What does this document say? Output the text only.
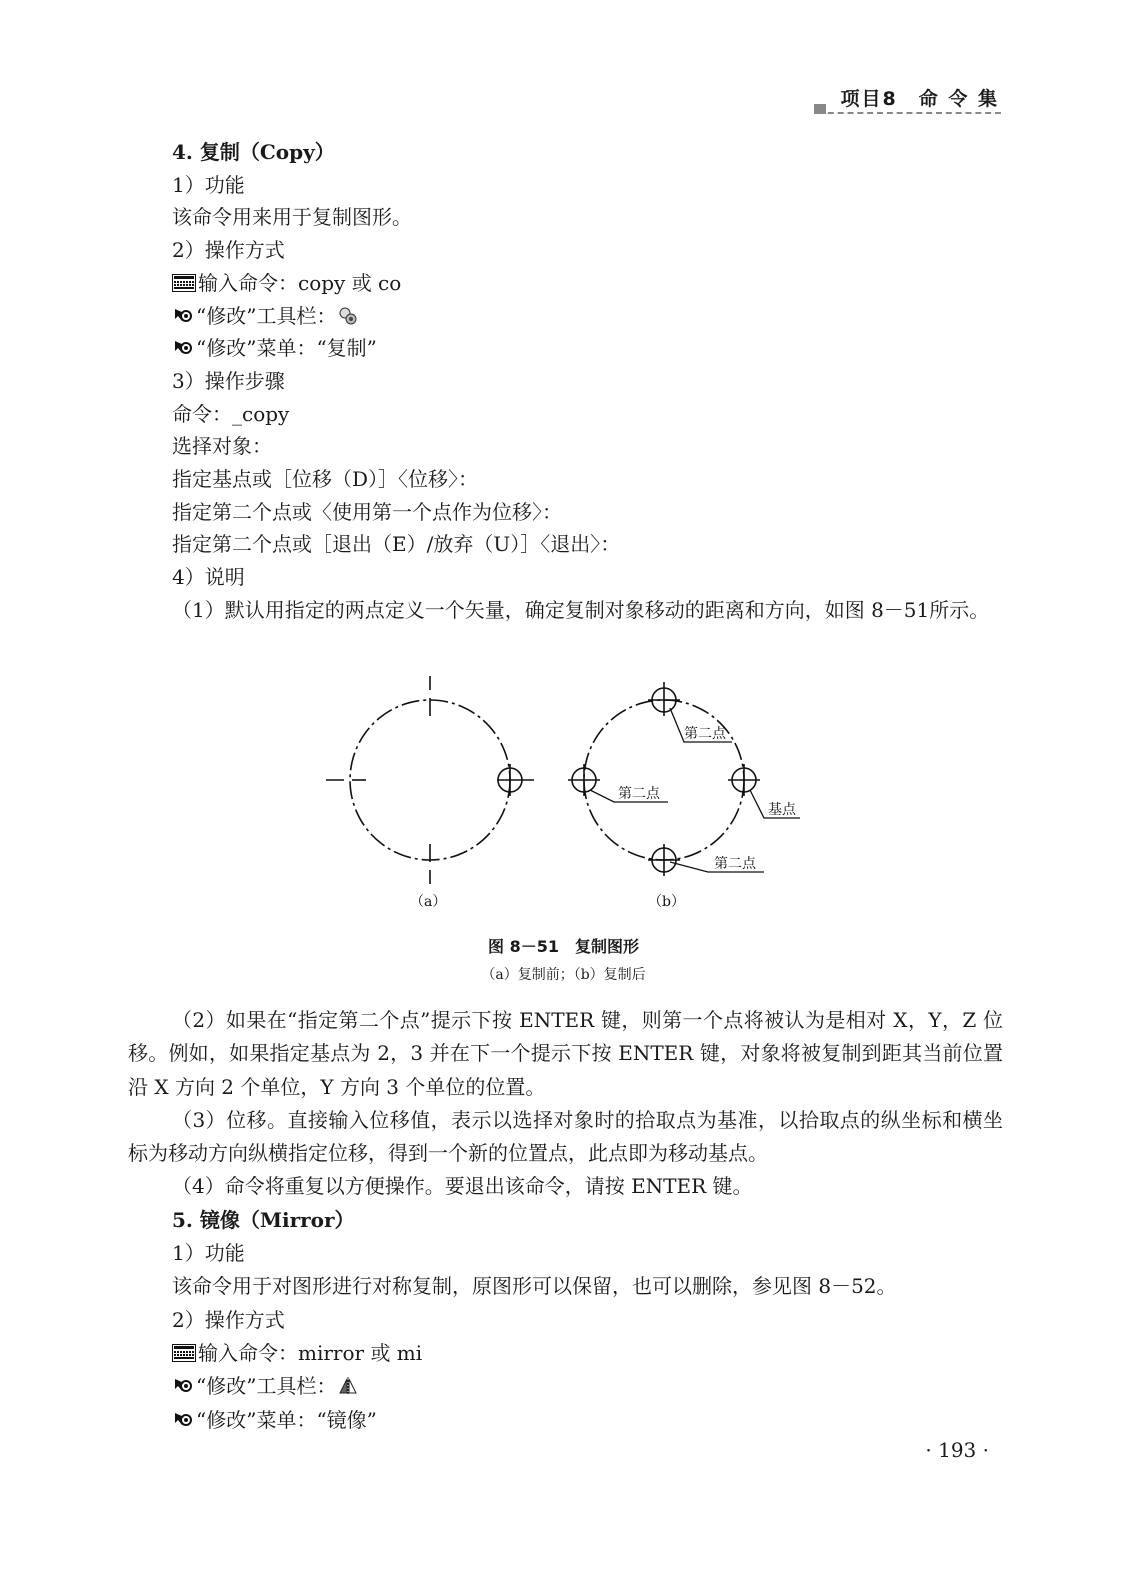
项目8　命 令 集
4. 复制（Copy）
1）功能
该命令用来用于复制图形。
2）操作方式
输入命令：copy 或 co
“修改”工具栏：
“修改”菜单：“复制”
3）操作步骤
命令：_copy
选择对象：
指定基点或［位移（D）］〈位移〉：
指定第二个点或〈使用第一个点作为位移〉：
指定第二个点或［退出（E）/放弃（U）］〈退出〉：
4）说明
（1）默认用指定的两点定义一个矢量，确定复制对象移动的距离和方向，如图 8－51所示。
第二点
第二点
基点
第二点
（a）	（b）
图 8－51　复制图形
（a）复制前；（b）复制后
（2）如果在“指定第二个点”提示下按 ENTER 键，则第一个点将被认为是相对 X，Y，Z 位移。例如，如果指定基点为 2，3 并在下一个提示下按 ENTER 键，对象将被复制到距其当前位置沿 X 方向 2 个单位，Y 方向 3 个单位的位置。
（3）位移。直接输入位移值，表示以选择对象时的拾取点为基准，以拾取点的纵坐标和横坐标为移动方向纵横指定位移，得到一个新的位置点，此点即为移动基点。
（4）命令将重复以方便操作。要退出该命令，请按 ENTER 键。
5. 镜像（Mirror）
1）功能
该命令用于对图形进行对称复制，原图形可以保留，也可以删除，参见图 8－52。
2）操作方式
输入命令：mirror 或 mi
“修改”工具栏：
“修改”菜单：“镜像”
· 193 ·
